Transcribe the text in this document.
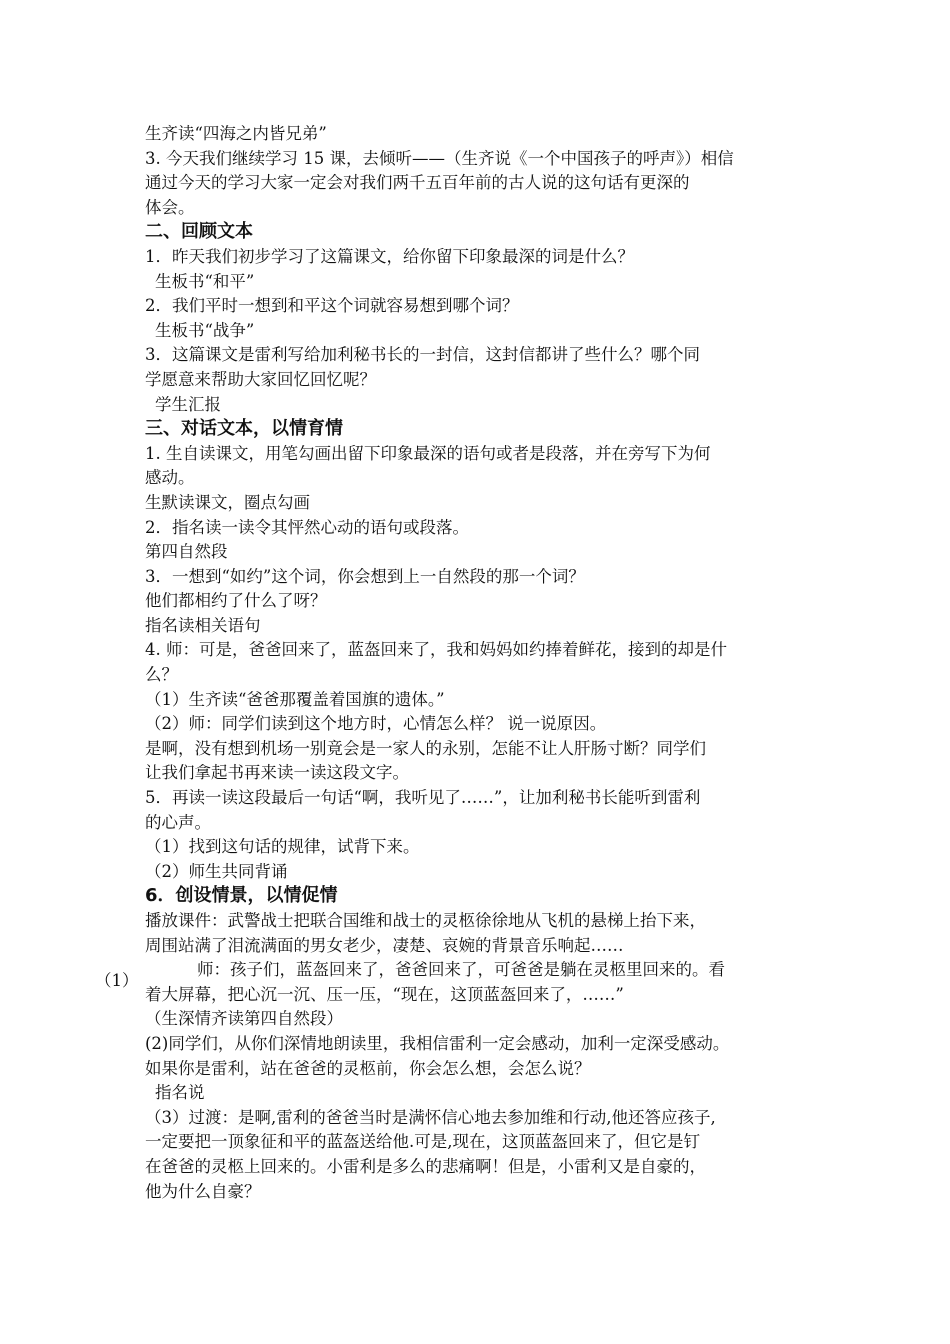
生齐读“四海之内皆兄弟”
3. 今天我们继续学习 15 课，去倾听——（生齐说《一个中国孩子的呼声》）相信
通过今天的学习大家一定会对我们两千五百年前的古人说的这句话有更深的
体会。
二、回顾文本
1．昨天我们初步学习了这篇课文，给你留下印象最深的词是什么？
生板书“和平”
2．我们平时一想到和平这个词就容易想到哪个词？
生板书“战争”
3．这篇课文是雷利写给加利秘书长的一封信，这封信都讲了些什么？哪个同
学愿意来帮助大家回忆回忆呢？
学生汇报
三、对话文本，以情育情
1. 生自读课文，用笔勾画出留下印象最深的语句或者是段落，并在旁写下为何
感动。
生默读课文，圈点勾画
2．指名读一读令其怦然心动的语句或段落。
第四自然段
3．一想到“如约”这个词，你会想到上一自然段的那一个词？
他们都相约了什么了呀？
指名读相关语句
4. 师：可是，爸爸回来了，蓝盔回来了，我和妈妈如约捧着鲜花，接到的却是什
么？
（1）生齐读“爸爸那覆盖着国旗的遗体。”
（2）师：同学们读到这个地方时，心情怎么样？ 说一说原因。
是啊，没有想到机场一别竟会是一家人的永别，怎能不让人肝肠寸断？同学们
让我们拿起书再来读一读这段文字。
5．再读一读这段最后一句话“啊，我听见了……”，让加利秘书长能听到雷利
的心声。
（1）找到这句话的规律，试背下来。
（2）师生共同背诵
6．创设情景，以情促情
播放课件：武警战士把联合国维和战士的灵柩徐徐地从飞机的悬梯上抬下来，
周围站满了泪流满面的男女老少，凄楚、哀婉的背景音乐响起……
师：孩子们，蓝盔回来了，爸爸回来了，可爸爸是躺在灵柩里回来的。看
着大屏幕，把心沉一沉、压一压，“现在，这顶蓝盔回来了，……”
（生深情齐读第四自然段）
(2)同学们，从你们深情地朗读里，我相信雷利一定会感动，加利一定深受感动。
如果你是雷利，站在爸爸的灵柩前，你会怎么想，会怎么说？
指名说
（3）过渡：是啊,雷利的爸爸当时是满怀信心地去参加维和行动,他还答应孩子,
一定要把一顶象征和平的蓝盔送给他.可是,现在，这顶蓝盔回来了，但它是钉
在爸爸的灵柩上回来的。小雷利是多么的悲痛啊！但是，小雷利又是自豪的，
他为什么自豪？
（1）
